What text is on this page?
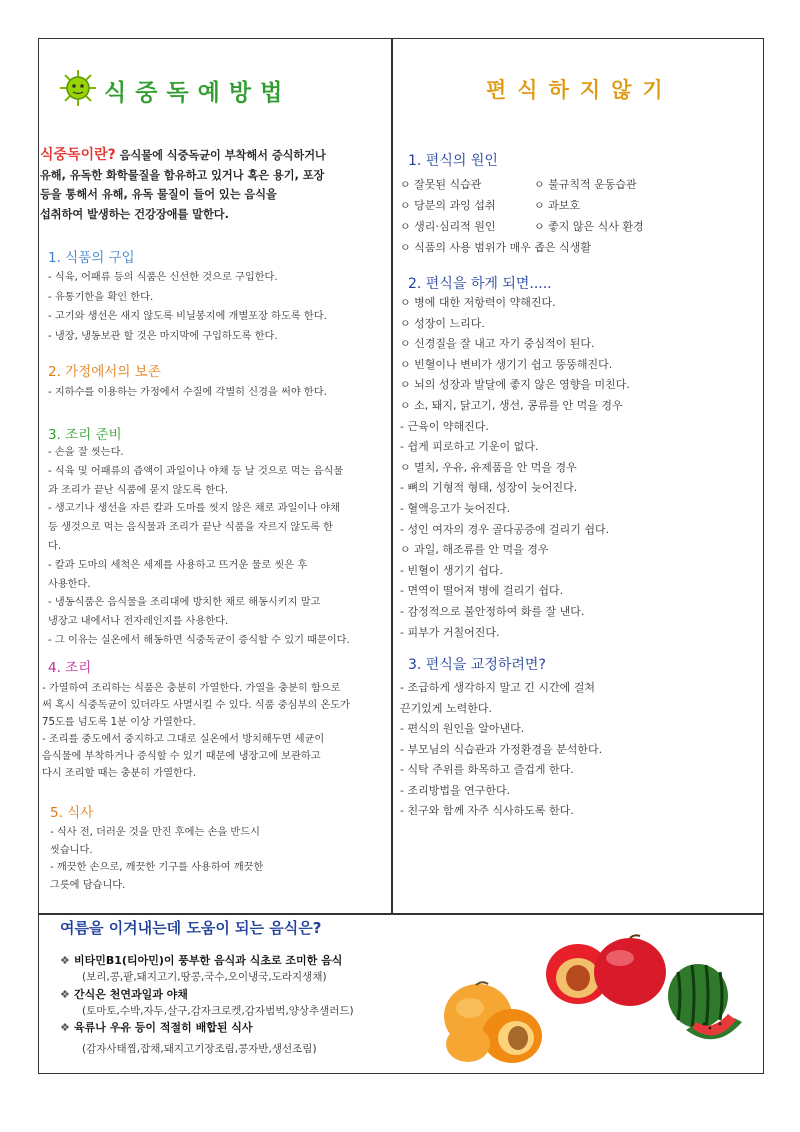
식중독예방법	편식하지않기
식중독이란? 음식물에 식중독균이 부착해서 증식하거나
유해, 유독한 화학물질을 함유하고 있거나 혹은 용기, 포장
등을 통해서 유해, 유독 물질이 들어 있는 음식을
섭취하여 발생하는 건강장애를 말한다.
1. 식품의 구입
- 식육, 어패류 등의 식품은 신선한 것으로 구입한다.
- 유통기한을 확인 한다.
- 고기와 생선은 새지 않도록 비닐봉지에 개별포장 하도록 한다.
- 냉장, 냉동보관 할 것은 마지막에 구입하도록 한다.
2. 가정에서의 보존
- 지하수를 이용하는 가정에서 수질에 각별히 신경을 써야 한다.
3. 조리 준비
- 손을 잘 씻는다.
- 식육 및 어패류의 즙액이 과일이나 야채 등 날 것으로 먹는 음식물
과 조리가 끝난 식품에 묻지 않도록 한다.
- 생고기나 생선을 자른 칼과 도마를 씻지 않은 채로 과일이나 야채
등 생것으로 먹는 음식물과 조리가 끝난 식품을 자르지 않도록 한
다.
- 칼과 도마의 세척은 세제를 사용하고 뜨거운 물로 씻은 후
사용한다.
- 냉동식품은 음식물을 조리대에 방치한 채로 해동시키지 말고
냉장고 내에서나 전자레인지를 사용한다.
- 그 이유는 실온에서 해동하면 식중독균이 증식할 수 있기 때문이다.
4. 조리
- 가열하여 조리하는 식품은 충분히 가열한다. 가열을 충분히 함으로
써 혹시 식중독균이 있더라도 사멸시킬 수 있다. 식품 중심부의 온도가
75도를 넘도록 1분 이상 가열한다.
- 조리를 중도에서 중지하고 그대로 실온에서 방치해두면 세균이
음식물에 부착하거나 증식할 수 있기 때문에 냉장고에 보관하고
다시 조리할 때는 충분히 가열한다.
5. 식사
- 식사 전, 더러운 것을 만진 후에는 손을 반드시
씻습니다.
- 깨끗한 손으로, 깨끗한 기구를 사용하여 깨끗한
그릇에 담습니다.
1. 편식의 원인
ㅇ 잘못된 식습관	ㅇ 불규칙적 운동습관
ㅇ 당분의 과잉 섭취	ㅇ 과보호
ㅇ 생리·심리적 원인	ㅇ 좋지 않은 식사 환경
ㅇ 식품의 사용 범위가 매우 좁은 식생활
2. 편식을 하게 되면.....
ㅇ 병에 대한 저항력이 약해진다.
ㅇ 성장이 느리다.
ㅇ 신경질을 잘 내고 자기 중심적이 된다.
ㅇ 빈혈이나 변비가 생기기 쉽고 뚱뚱해진다.
ㅇ 뇌의 성장과 발달에 좋지 않은 영향을 미친다.
ㅇ 소, 돼지, 닭고기, 생선, 콩류를 안 먹을 경우
- 근육이 약해진다.
- 쉽게 피로하고 기운이 없다.
ㅇ 멸치, 우유, 유제품을 안 먹을 경우
- 뼈의 기형적 형태, 성장이 늦어진다.
- 혈액응고가 늦어진다.
- 성인 여자의 경우 골다공증에 걸리기 쉽다.
ㅇ 과일, 해조류를 안 먹을 경우
- 빈혈이 생기기 쉽다.
- 면역이 떨어져 병에 걸리기 쉽다.
- 감정적으로 불안정하여 화를 잘 낸다.
- 피부가 거칠어진다.
3. 편식을 교정하려면?
- 조급하게 생각하지 말고 긴 시간에 걸쳐
끈기있게 노력한다.
- 편식의 원인을 알아낸다.
- 부모님의 식습관과 가정환경을 분석한다.
- 식탁 주위를 화목하고 즐겁게 한다.
- 조리방법을 연구한다.
- 친구와 함께 자주 식사하도록 한다.
여름을 이겨내는데 도움이 되는 음식은?
❖ 비타민B1(티아민)이 풍부한 음식과 식초로 조미한 음식
(보리,콩,팥,돼지고기,땅콩,국수,오이냉국,도라지생채)
❖ 간식은 천연과일과 야채
(토마토,수박,자두,살구,감자크로켓,감자범벅,양상추샐러드)
❖ 육류나 우유 등이 적절히 배합된 식사
(감자사태찜,잡채,돼지고기장조림,콩자반,생선조림)
